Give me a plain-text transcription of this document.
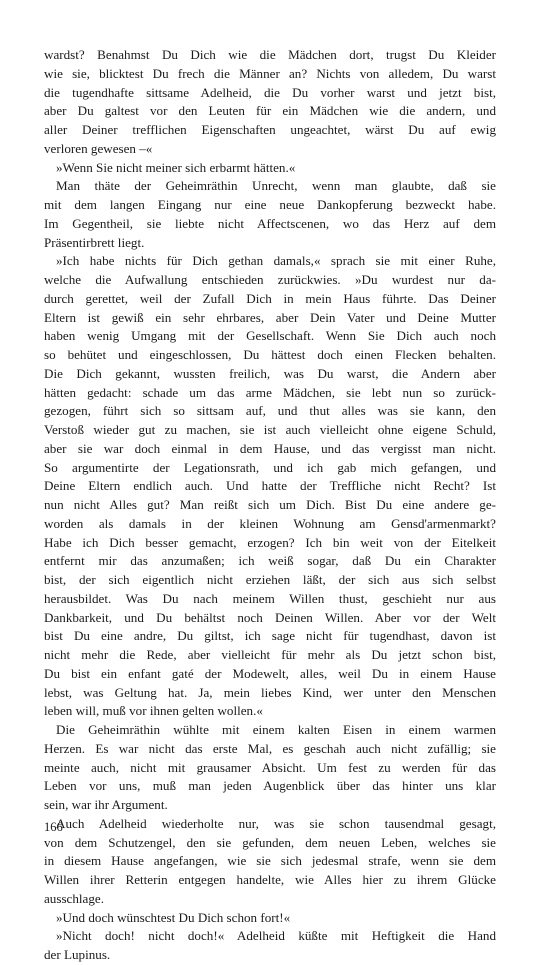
wardst? Benahmst Du Dich wie die Mädchen dort, trugst Du Kleider
wie sie, blicktest Du frech die Männer an? Nichts von alledem, Du warst
die tugendhafte sittsame Adelheid, die Du vorher warst und jetzt bist,
aber Du galtest vor den Leuten für ein Mädchen wie die andern, und
aller Deiner trefflichen Eigenschaften ungeachtet, wärst Du auf ewig
verloren gewesen –«
»Wenn Sie nicht meiner sich erbarmt hätten.«
Man thäte der Geheimräthin Unrecht, wenn man glaubte, daß sie
mit dem langen Eingang nur eine neue Dankopferung bezweckt habe.
Im Gegentheil, sie liebte nicht Affectscenen, wo das Herz auf dem
Präsentirbrett liegt.
»Ich habe nichts für Dich gethan damals,« sprach sie mit einer Ruhe,
welche die Aufwallung entschieden zurückwies. »Du wurdest nur da-
durch gerettet, weil der Zufall Dich in mein Haus führte. Das Deiner
Eltern ist gewiß ein sehr ehrbares, aber Dein Vater und Deine Mutter
haben wenig Umgang mit der Gesellschaft. Wenn Sie Dich auch noch
so behütet und eingeschlossen, Du hättest doch einen Flecken behalten.
Die Dich gekannt, wussten freilich, was Du warst, die Andern aber
hätten gedacht: schade um das arme Mädchen, sie lebt nun so zurück-
gezogen, führt sich so sittsam auf, und thut alles was sie kann, den
Verstoß wieder gut zu machen, sie ist auch vielleicht ohne eigene Schuld,
aber sie war doch einmal in dem Hause, und das vergisst man nicht.
So argumentirte der Legationsrath, und ich gab mich gefangen, und
Deine Eltern endlich auch. Und hatte der Treffliche nicht Recht? Ist
nun nicht Alles gut? Man reißt sich um Dich. Bist Du eine andere ge-
worden als damals in der kleinen Wohnung am Gensd'armenmarkt?
Habe ich Dich besser gemacht, erzogen? Ich bin weit von der Eitelkeit
entfernt mir das anzumaßen; ich weiß sogar, daß Du ein Charakter
bist, der sich eigentlich nicht erziehen läßt, der sich aus sich selbst
herausbildet. Was Du nach meinem Willen thust, geschieht nur aus
Dankbarkeit, und Du behältst noch Deinen Willen. Aber vor der Welt
bist Du eine andre, Du giltst, ich sage nicht für tugendhast, davon ist
nicht mehr die Rede, aber vielleicht für mehr als Du jetzt schon bist,
Du bist ein enfant gaté der Modewelt, alles, weil Du in einem Hause
lebst, was Geltung hat. Ja, mein liebes Kind, wer unter den Menschen
leben will, muß vor ihnen gelten wollen.«
Die Geheimräthin wühlte mit einem kalten Eisen in einem warmen
Herzen. Es war nicht das erste Mal, es geschah auch nicht zufällig; sie
meinte auch, nicht mit grausamer Absicht. Um fest zu werden für das
Leben vor uns, muß man jeden Augenblick über das hinter uns klar
sein, war ihr Argument.
Auch Adelheid wiederholte nur, was sie schon tausendmal gesagt,
von dem Schutzengel, den sie gefunden, dem neuen Leben, welches sie
in diesem Hause angefangen, wie sie sich jedesmal strafe, wenn sie dem
Willen ihrer Retterin entgegen handelte, wie Alles hier zu ihrem Glücke
ausschlage.
»Und doch wünschtest Du Dich schon fort!«
»Nicht doch! nicht doch!« Adelheid küßte mit Heftigkeit die Hand
der Lupinus.
166
